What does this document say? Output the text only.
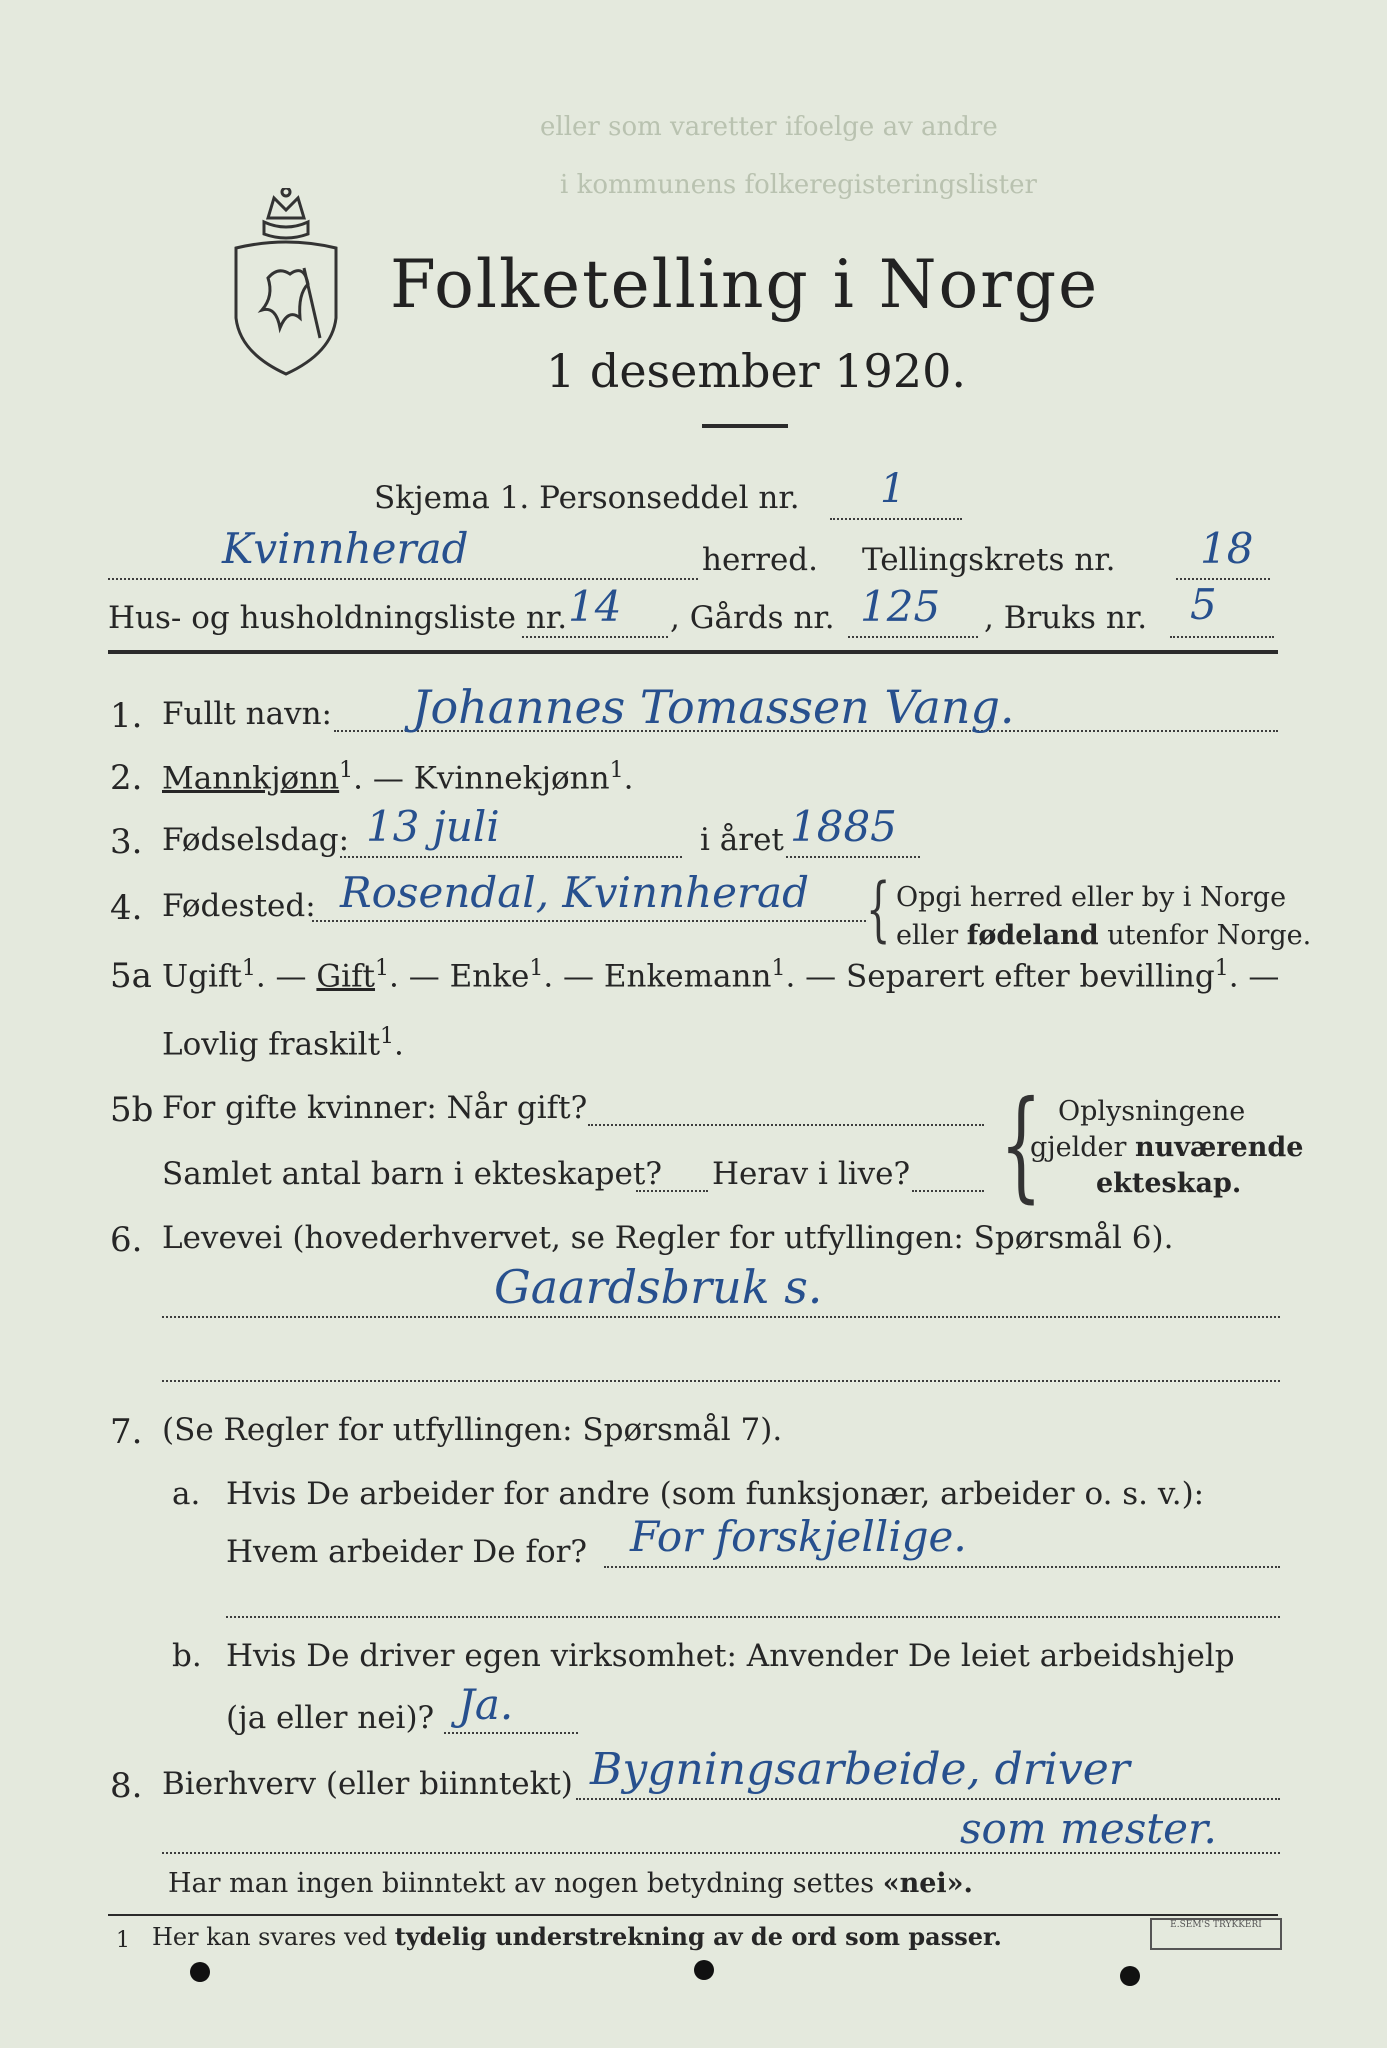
eller som varetter ifoelge av andre
i kommunens folkeregisteringslister
Folketelling i Norge
1 desember 1920.
Skjema 1. Personseddel nr. 1
Kvinnherad	herred. Tellingskrets nr. 18
Hus- og husholdningsliste nr. 14 , Gårds nr. 125 , Bruks nr. 5
1. Fullt navn: Johannes Tomassen Vang.
2. Mannkjønn$^1$. — Kvinnekjønn$^1$.
3. Fødselsdag: 13 juli	i året 1885
4. Fødested: Rosendal, Kvinnherad { Opgi herred eller by i Norge
eller fødeland utenfor Norge.
5a Ugift$^1$. — Gift$^1$. — Enke$^1$. — Enkemann$^1$. — Separert efter bevilling$^1$. —
Lovlig fraskilt$^1$.
5b For gifte kvinner: Når gift?
Samlet antal barn i ekteskapet? Herav i live? { Oplysningene
gjelder nuværende
ekteskap.
6. Levevei (hovederhvervet, se Regler for utfyllingen: Spørsmål 6).
Gaardsbruk s.
7. (Se Regler for utfyllingen: Spørsmål 7).
a. Hvis De arbeider for andre (som funksjonær, arbeider o. s. v.):
Hvem arbeider De for? For forskjellige.
b. Hvis De driver egen virksomhet: Anvender De leiet arbeidshjelp
(ja eller nei)? Ja.
8. Bierhverv (eller biinntekt) Bygningsarbeide, driver
som mester.
Har man ingen biinntekt av nogen betydning settes «nei».
1 Her kan svares ved tydelig understrekning av de ord som passer.	E.SEM'S TRYKKERI
